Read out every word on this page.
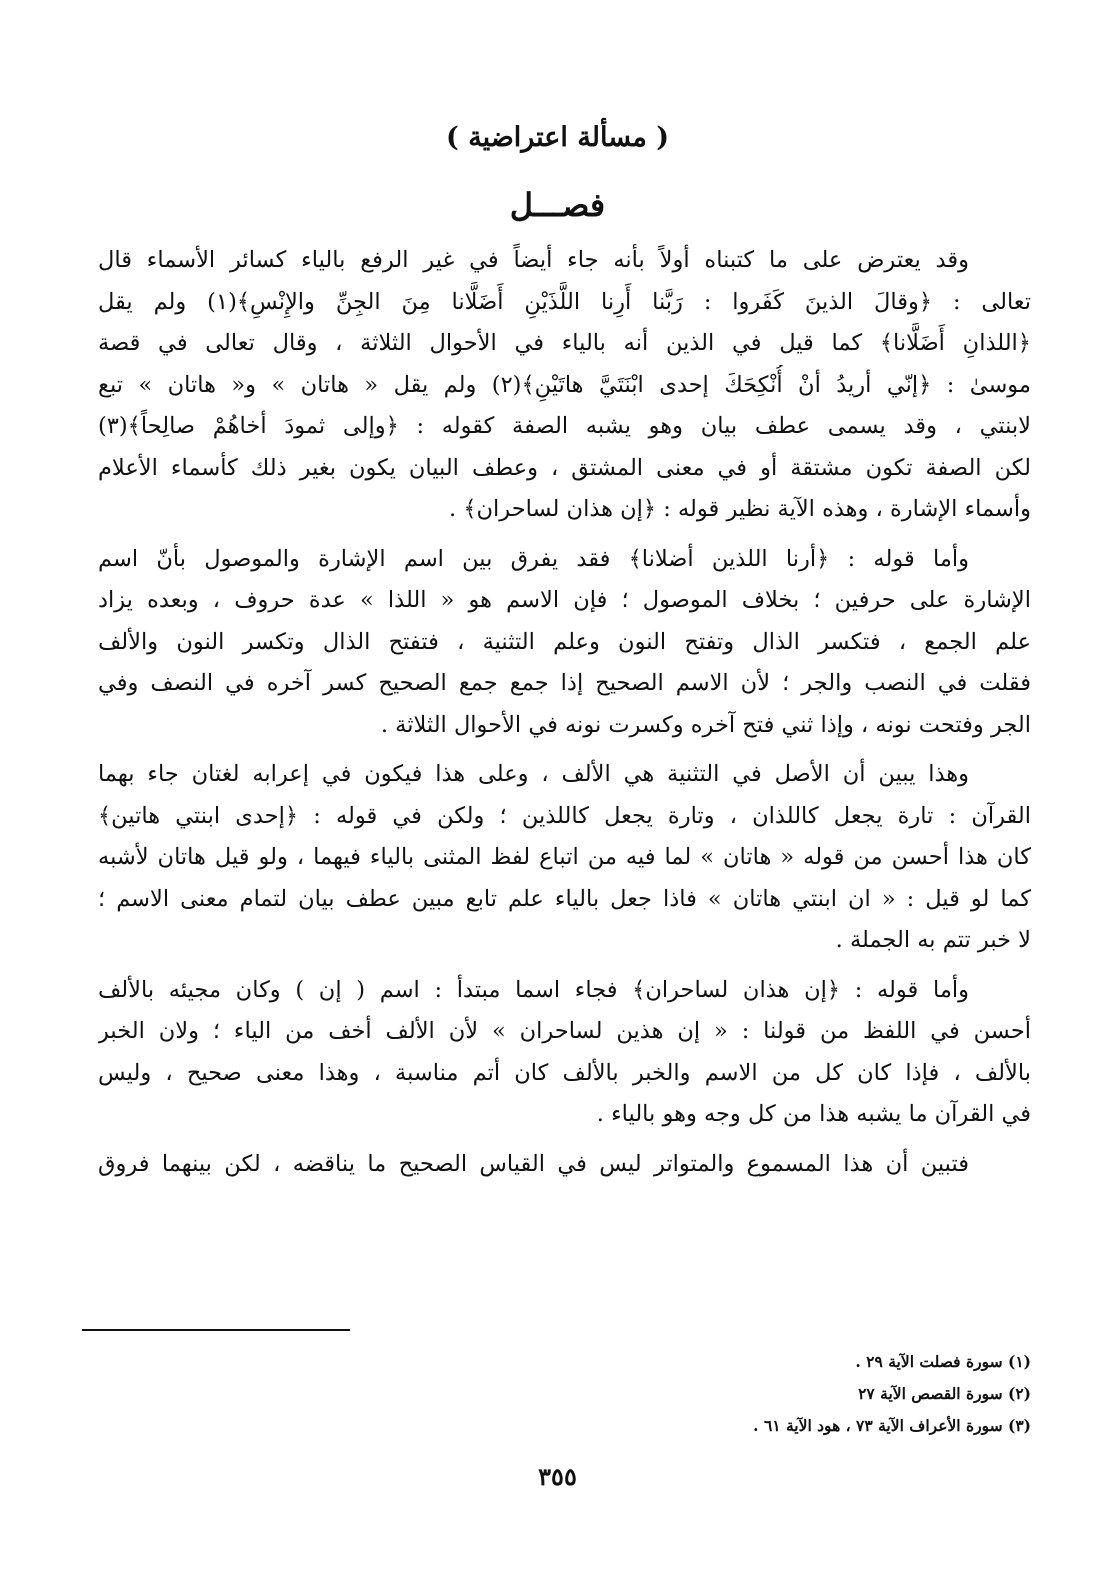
( مسألة اعتراضية )
فصـــل
وقد يعترض على ما كتبناه أولاً بأنه جاء أيضاً في غير الرفع بالياء كسائر الأسماء قال
تعالى : ﴿وقالَ الذينَ كَفَروا : رَبَّنا أَرِنا اللَّذَيْنِ أَضَلَّانا مِنَ الجِنِّ والإِنْسِ﴾(١) ولم يقل
﴿اللذانِ أَضَلَّانا﴾ كما قيل في الذين أنه بالياء في الأحوال الثلاثة ، وقال تعالى في قصة
موسىٰ : ﴿إنّي أريدُ أنْ أُنْكِحَكَ إحدى ابْنَتَيَّ هاتَيْنِ﴾(٢) ولم يقل « هاتان » و« هاتان » تبع
لابنتي ، وقد يسمى عطف بيان وهو يشبه الصفة كقوله : ﴿وإلى ثمودَ أخاهُمْ صالِحاً﴾(٣)
لكن الصفة تكون مشتقة أو في معنى المشتق ، وعطف البيان يكون بغير ذلك كأسماء الأعلام
وأسماء الإشارة ، وهذه الآية نظير قوله : ﴿إن هذان لساحران﴾ .
وأما قوله : ﴿أرنا اللذين أضلانا﴾ فقد يفرق بين اسم الإشارة والموصول بأنّ اسم
الإشارة على حرفين ؛ بخلاف الموصول ؛ فإن الاسم هو « اللذا » عدة حروف ، وبعده يزاد
علم الجمع ، فتكسر الذال وتفتح النون وعلم التثنية ، فتفتح الذال وتكسر النون والألف
فقلت في النصب والجر ؛ لأن الاسم الصحيح إذا جمع جمع الصحيح كسر آخره في النصف وفي
الجر وفتحت نونه ، وإذا ثني فتح آخره وكسرت نونه في الأحوال الثلاثة .
وهذا يبين أن الأصل في التثنية هي الألف ، وعلى هذا فيكون في إعرابه لغتان جاء بهما
القرآن : تارة يجعل كاللذان ، وتارة يجعل كاللذين ؛ ولكن في قوله : ﴿إحدى ابنتي هاتين﴾
كان هذا أحسن من قوله « هاتان » لما فيه من اتباع لفظ المثنى بالياء فيهما ، ولو قيل هاتان لأشبه
كما لو قيل : « ان ابنتي هاتان » فاذا جعل بالياء علم تابع مبين عطف بيان لتمام معنى الاسم ؛
لا خبر تتم به الجملة .
وأما قوله : ﴿إن هذان لساحران﴾ فجاء اسما مبتدأ : اسم ( إن ) وكان مجيئه بالألف
أحسن في اللفظ من قولنا : « إن هذين لساحران » لأن الألف أخف من الياء ؛ ولان الخبر
بالألف ، فإذا كان كل من الاسم والخبر بالألف كان أتم مناسبة ، وهذا معنى صحيح ، وليس
في القرآن ما يشبه هذا من كل وجه وهو بالياء .
فتبين أن هذا المسموع والمتواتر ليس في القياس الصحيح ما يناقضه ، لكن بينهما فروق
(١) سورة فصلت الآية ٢٩ .
(٢) سورة القصص الآية ٢٧
(٣) سورة الأعراف الآية ٧٣ ، هود الآية ٦١ .
٣٥٥
